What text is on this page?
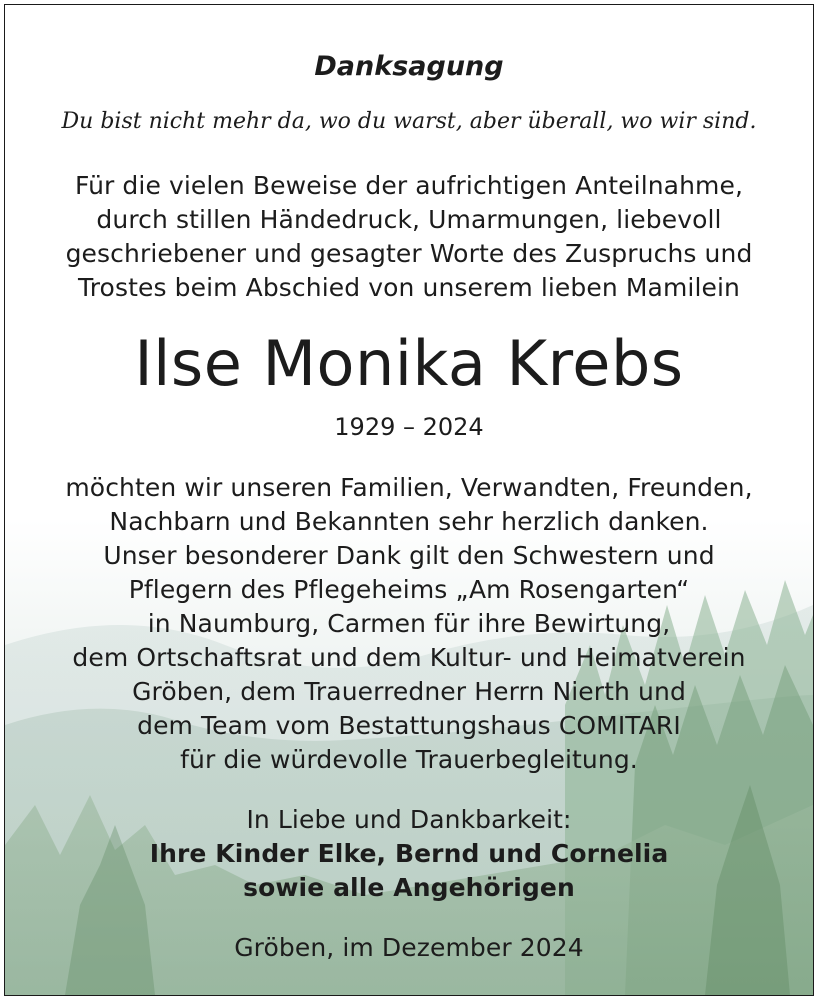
Danksagung
Du bist nicht mehr da, wo du warst, aber überall, wo wir sind.
Für die vielen Beweise der aufrichtigen Anteilnahme,
durch stillen Händedruck, Umarmungen, liebevoll
geschriebener und gesagter Worte des Zuspruchs und
Trostes beim Abschied von unserem lieben Mamilein
Ilse Monika Krebs
1929 – 2024
möchten wir unseren Familien, Verwandten, Freunden,
Nachbarn und Bekannten sehr herzlich danken.
Unser besonderer Dank gilt den Schwestern und
Pflegern des Pflegeheims „Am Rosengarten“
in Naumburg, Carmen für ihre Bewirtung,
dem Ortschaftsrat und dem Kultur- und Heimatverein
Gröben, dem Trauerredner Herrn Nierth und
dem Team vom Bestattungshaus COMITARI
für die würdevolle Trauerbegleitung.
In Liebe und Dankbarkeit:
Ihre Kinder Elke, Bernd und Cornelia
sowie alle Angehörigen
Gröben, im Dezember 2024
